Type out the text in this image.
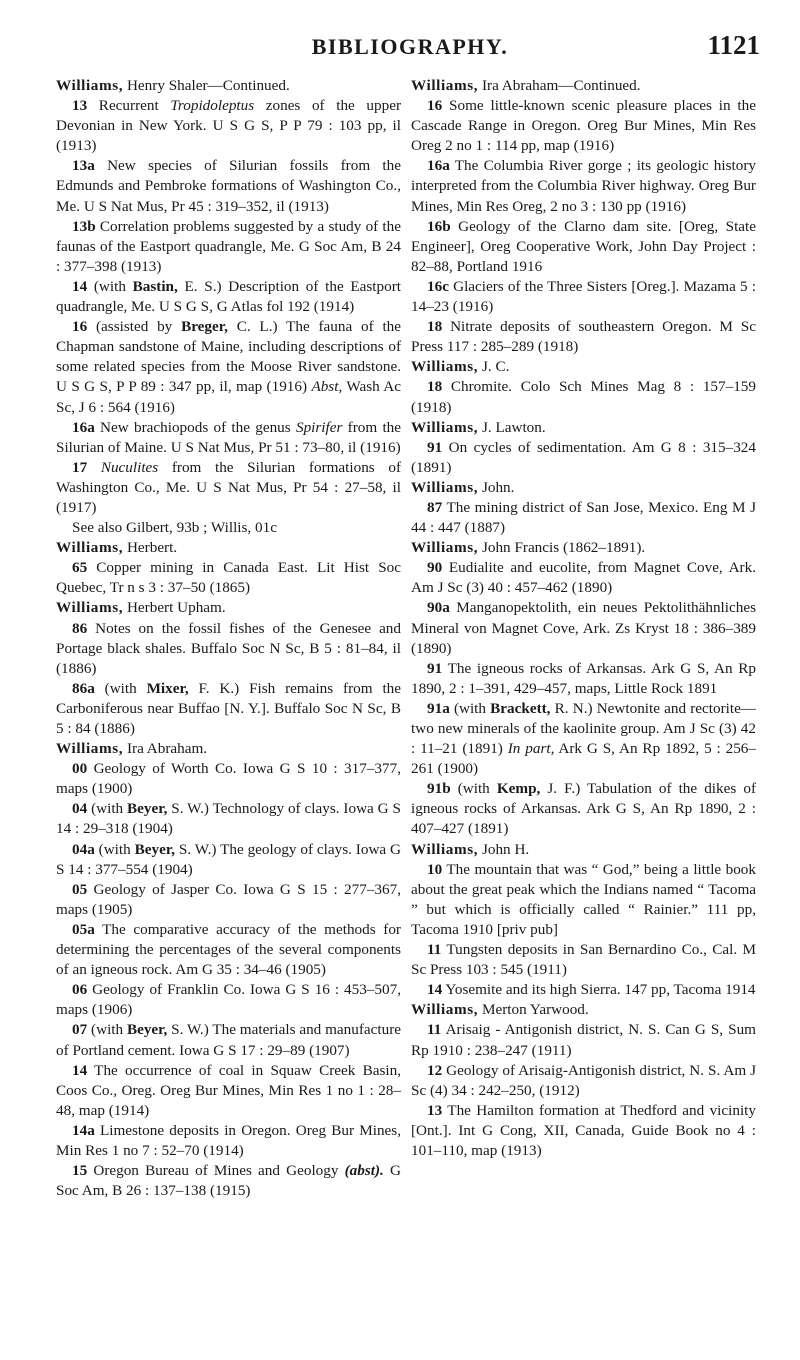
BIBLIOGRAPHY.	1121

Williams, Henry Shaler—Continued.

13 Recurrent Tropidoleptus zones of the upper Devonian in New York. U S G S, P P 79 : 103 pp, il (1913)

13a New species of Silurian fossils from the Edmunds and Pembroke formations of Washington Co., Me. U S Nat Mus, Pr 45 : 319–352, il (1913)

13b Correlation problems suggested by a study of the faunas of the Eastport quadrangle, Me. G Soc Am, B 24 : 377–398 (1913)

14 (with Bastin, E. S.) Description of the Eastport quadrangle, Me. U S G S, G Atlas fol 192 (1914)

16 (assisted by Breger, C. L.) The fauna of the Chapman sandstone of Maine, including descriptions of some related species from the Moose River sandstone. U S G S, P P 89 : 347 pp, il, map (1916) Abst, Wash Ac Sc, J 6 : 564 (1916)

16a New brachiopods of the genus Spirifer from the Silurian of Maine. U S Nat Mus, Pr 51 : 73–80, il (1916)

17 Nuculites from the Silurian formations of Washington Co., Me. U S Nat Mus, Pr 54 : 27–58, il (1917)

See also Gilbert, 93b ; Willis, 01c

Williams, Herbert.

65 Copper mining in Canada East. Lit Hist Soc Quebec, Tr n s 3 : 37–50 (1865)

Williams, Herbert Upham.

86 Notes on the fossil fishes of the Genesee and Portage black shales. Buffalo Soc N Sc, B 5 : 81–84, il (1886)

86a (with Mixer, F. K.) Fish remains from the Carboniferous near Buffao [N. Y.]. Buffalo Soc N Sc, B 5 : 84 (1886)

Williams, Ira Abraham.

00 Geology of Worth Co. Iowa G S 10 : 317–377, maps (1900)

04 (with Beyer, S. W.) Technology of clays. Iowa G S 14 : 29–318 (1904)

04a (with Beyer, S. W.) The geology of clays. Iowa G S 14 : 377–554 (1904)

05 Geology of Jasper Co. Iowa G S 15 : 277–367, maps (1905)

05a The comparative accuracy of the methods for determining the percentages of the several components of an igneous rock. Am G 35 : 34–46 (1905)

06 Geology of Franklin Co. Iowa G S 16 : 453–507, maps (1906)

07 (with Beyer, S. W.) The materials and manufacture of Portland cement. Iowa G S 17 : 29–89 (1907)

14 The occurrence of coal in Squaw Creek Basin, Coos Co., Oreg. Oreg Bur Mines, Min Res 1 no 1 : 28–48, map (1914)

14a Limestone deposits in Oregon. Oreg Bur Mines, Min Res 1 no 7 : 52–70 (1914)

15 Oregon Bureau of Mines and Geology (abst). G Soc Am, B 26 : 137–138 (1915)

Williams, Ira Abraham—Continued.

16 Some little-known scenic pleasure places in the Cascade Range in Oregon. Oreg Bur Mines, Min Res Oreg 2 no 1 : 114 pp, map (1916)

16a The Columbia River gorge ; its geologic history interpreted from the Columbia River highway. Oreg Bur Mines, Min Res Oreg, 2 no 3 : 130 pp (1916)

16b Geology of the Clarno dam site. [Oreg, State Engineer], Oreg Cooperative Work, John Day Project : 82–88, Portland 1916

16c Glaciers of the Three Sisters [Oreg.]. Mazama 5 : 14–23 (1916)

18 Nitrate deposits of southeastern Oregon. M Sc Press 117 : 285–289 (1918)

Williams, J. C.

18 Chromite. Colo Sch Mines Mag 8 : 157–159 (1918)

Williams, J. Lawton.

91 On cycles of sedimentation. Am G 8 : 315–324 (1891)

Williams, John.

87 The mining district of San Jose, Mexico. Eng M J 44 : 447 (1887)

Williams, John Francis (1862–1891).

90 Eudialite and eucolite, from Magnet Cove, Ark. Am J Sc (3) 40 : 457–462 (1890)

90a Manganopektolith, ein neues Pektolithähnliches Mineral von Magnet Cove, Ark. Zs Kryst 18 : 386–389 (1890)

91 The igneous rocks of Arkansas. Ark G S, An Rp 1890, 2 : 1–391, 429–457, maps, Little Rock 1891

91a (with Brackett, R. N.) Newtonite and rectorite—two new minerals of the kaolinite group. Am J Sc (3) 42 : 11–21 (1891) In part, Ark G S, An Rp 1892, 5 : 256–261 (1900)

91b (with Kemp, J. F.) Tabulation of the dikes of igneous rocks of Arkansas. Ark G S, An Rp 1890, 2 : 407–427 (1891)

Williams, John H.

10 The mountain that was “ God,” being a little book about the great peak which the Indians named “ Tacoma ” but which is officially called “ Rainier.” 111 pp, Tacoma 1910 [priv pub]

11 Tungsten deposits in San Bernardino Co., Cal. M Sc Press 103 : 545 (1911)

14 Yosemite and its high Sierra. 147 pp, Tacoma 1914

Williams, Merton Yarwood.

11 Arisaig - Antigonish district, N. S. Can G S, Sum Rp 1910 : 238–247 (1911)

12 Geology of Arisaig-Antigonish district, N. S. Am J Sc (4) 34 : 242–250, (1912)

13 The Hamilton formation at Thedford and vicinity [Ont.]. Int G Cong, XII, Canada, Guide Book no 4 : 101–110, map (1913)
